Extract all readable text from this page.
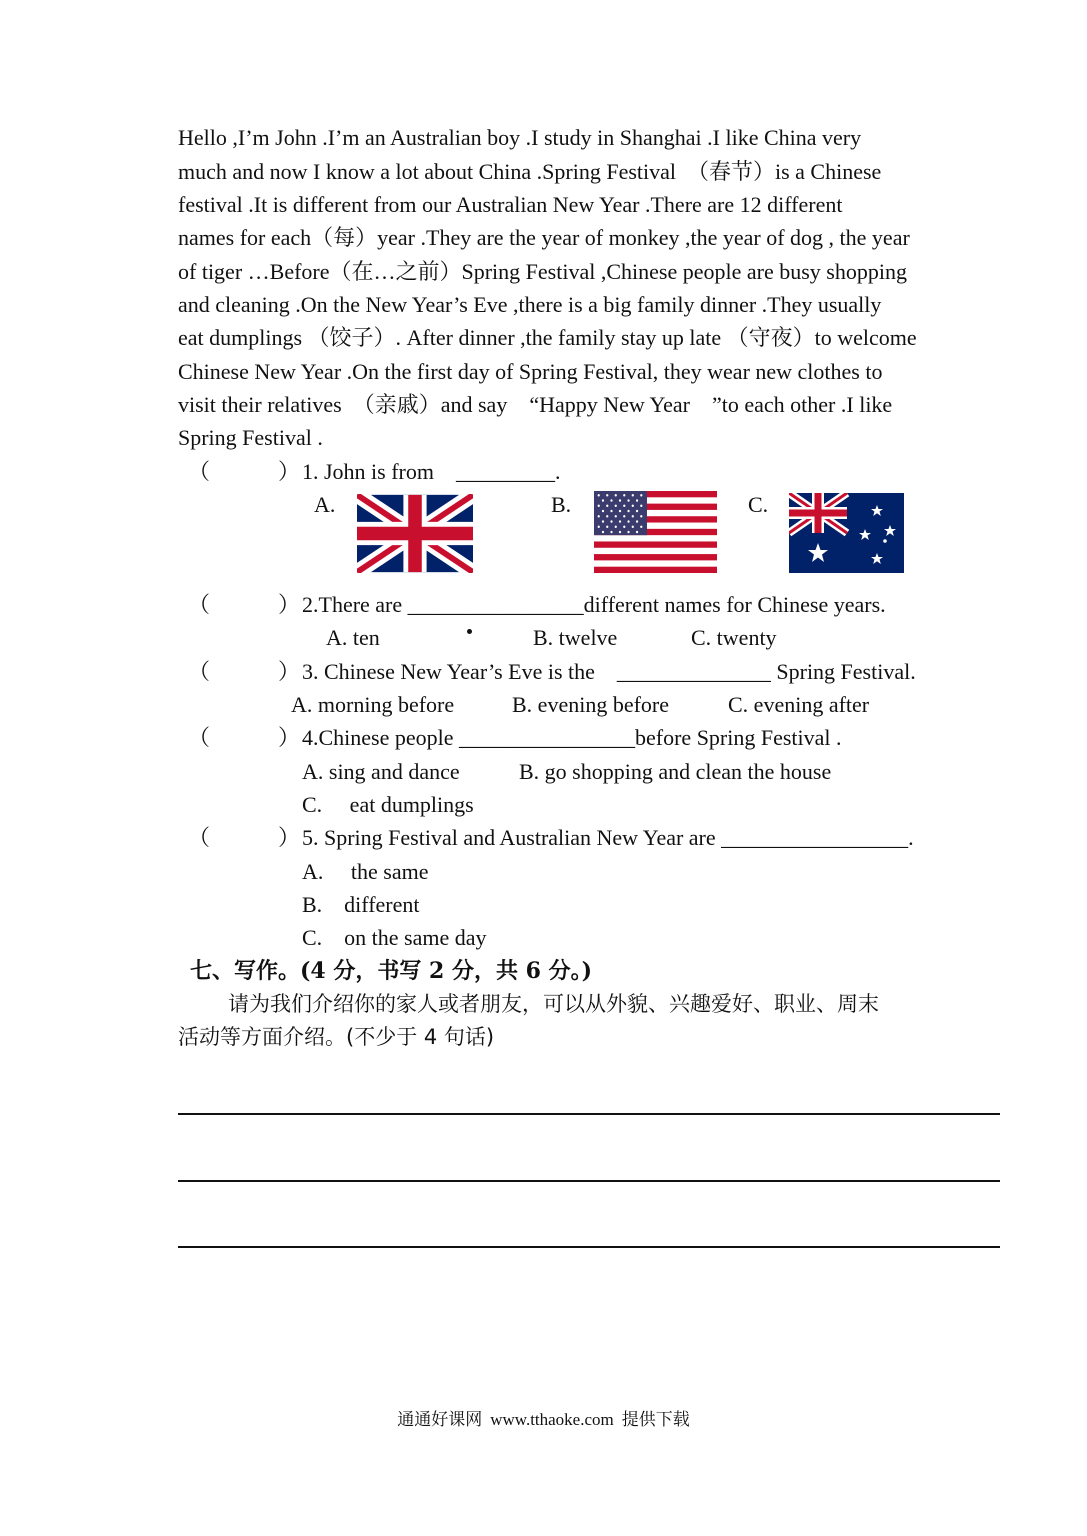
Hello ,I’m John .I’m an Australian boy .I study in Shanghai .I like China very
much and now I know a lot about China .Spring Festival　（春节）is a Chinese
festival .It is different from our Australian New Year .There are 12 different
names for each（每）year .They are the year of monkey ,the year of dog , the year
of tiger …Before（在…之前）Spring Festival ,Chinese people are busy shopping
and cleaning .On the New Year’s Eve ,there is a big family dinner .They usually
eat dumplings （饺子）. After dinner ,the family stay up late （守夜）to welcome
Chinese New Year .On the first day of Spring Festival, they wear new clothes to
visit their relatives　（亲戚）and say　“Happy New Year　”to each other .I like
Spring Festival .
（	） 1. John is from　_________.
A.	B.	C.
（	） 2.There are ________________different names for Chinese years.
A. ten	B. twelve	C. twenty
（	） 3. Chinese New Year’s Eve is the　______________ Spring Festival.
A. morning before	B. evening before	C. evening after
（	） 4.Chinese people ________________before Spring Festival .
A. sing and dance	B. go shopping and clean the house
C.　 eat dumplings
（	） 5. Spring Festival and Australian New Year are _________________.
A.　 the same
B.　different
C.　on the same day
七、写作。(4 分，书写 2 分，共 6 分。)
请为我们介绍你的家人或者朋友，可以从外貌、兴趣爱好、职业、周末
活动等方面介绍。(不少于 4 句话)
通通好课网 www.tthaoke.com 提供下载
